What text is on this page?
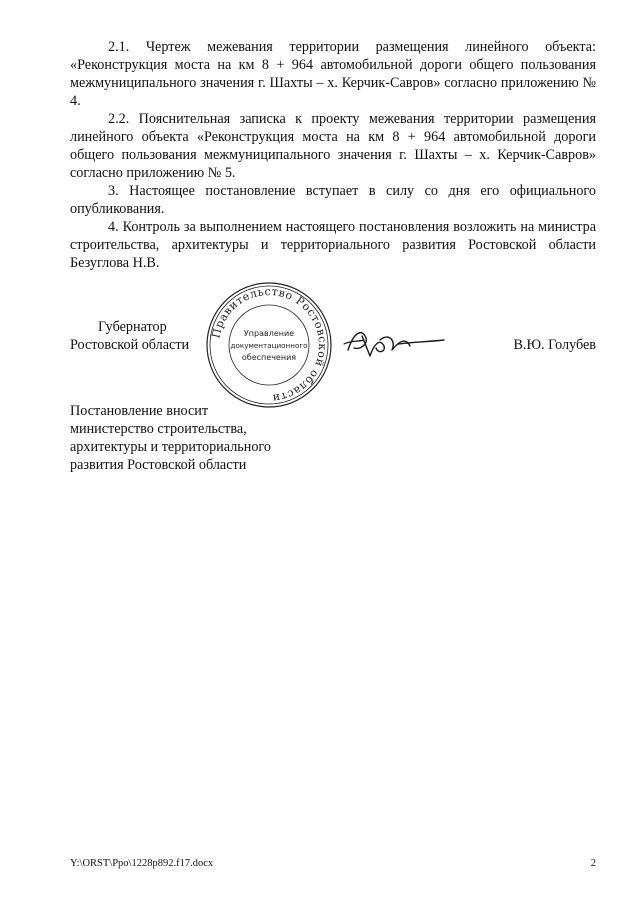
2.1. Чертеж межевания территории размещения линейного объекта: «Реконструкция моста на км 8 + 964 автомобильной дороги общего пользования межмуниципального значения г. Шахты – х. Керчик-Савров» согласно приложению № 4.

2.2. Пояснительная записка к проекту межевания территории размещения линейного объекта «Реконструкция моста на км 8 + 964 автомобильной дороги общего пользования межмуниципального значения г. Шахты – х. Керчик-Савров» согласно приложению № 5.

3. Настоящее постановление вступает в силу со дня его официального опубликования.

4. Контроль за выполнением настоящего постановления возложить на министра строительства, архитектуры и территориального развития Ростовской области Безуглова Н.В.

Губернатор
Ростовской области
Правительство Ростовской области
Управление
документационного
обеспечения
В.Ю. Голубев
Постановление вносит
министерство строительства,
архитектуры и территориального
развития Ростовской области
Y:\ORST\Ppo\1228p892.f17.docx	2
